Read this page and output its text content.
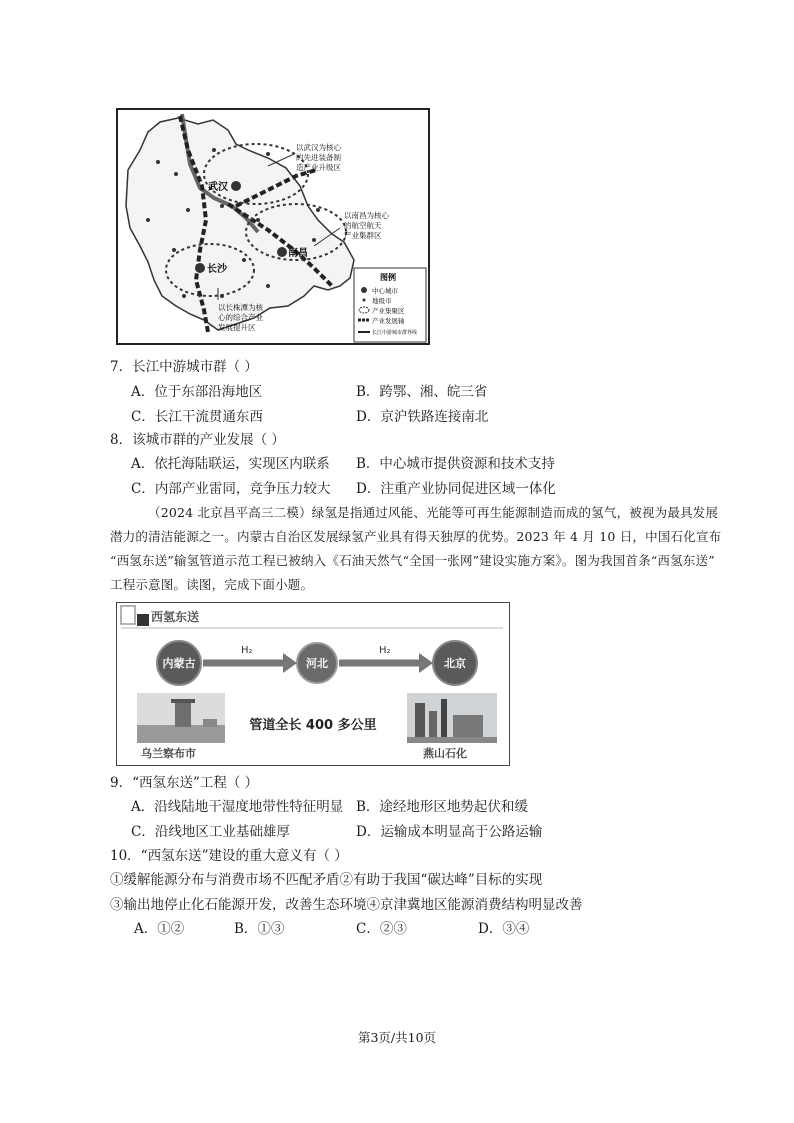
武汉
南昌
长沙
以武汉为核心
的先进装备制
造产业升级区
以南昌为核心
的航空航天
产业集群区
以长株潭为核
心的综合产业
发展提升区
图例
中心城市
地级市
产业集聚区
产业发展轴
长江中游城市群界线
7．长江中游城市群（ ）
A．位于东部沿海地区	B．跨鄂、湘、皖三省
C．长江干流贯通东西	D．京沪铁路连接南北
8．该城市群的产业发展（ ）
A．依托海陆联运，实现区内联系 B．中心城市提供资源和技术支持
C．内部产业雷同，竞争压力较大 D．注重产业协同促进区域一体化
（2024 北京昌平高三二模）绿氢是指通过风能、光能等可再生能源制造而成的氢气，被视为最具发展
潜力的清洁能源之一。内蒙古自治区发展绿氢产业具有得天独厚的优势。2023 年 4 月 10 日，中国石化宣布
“西氢东送”输氢管道示范工程已被纳入《石油天然气“全国一张网”建设实施方案》。图为我国首条“西氢东送”
工程示意图。读图，完成下面小题。
西氢东送
内蒙古	河北	北京
H₂	H₂
乌兰察布市
管道全长 400 多公里
燕山石化
9．“西氢东送”工程（ ）
A．沿线陆地干湿度地带性特征明显 B．途经地形区地势起伏和缓
C．沿线地区工业基础雄厚	D．运输成本明显高于公路运输
10．“西氢东送”建设的重大意义有（ ）
①缓解能源分布与消费市场不匹配矛盾②有助于我国“碳达峰”目标的实现
③输出地停止化石能源开发，改善生态环境④京津冀地区能源消费结构明显改善
A．①②	B．①③	C．②③	D．③④
第3页/共10页
